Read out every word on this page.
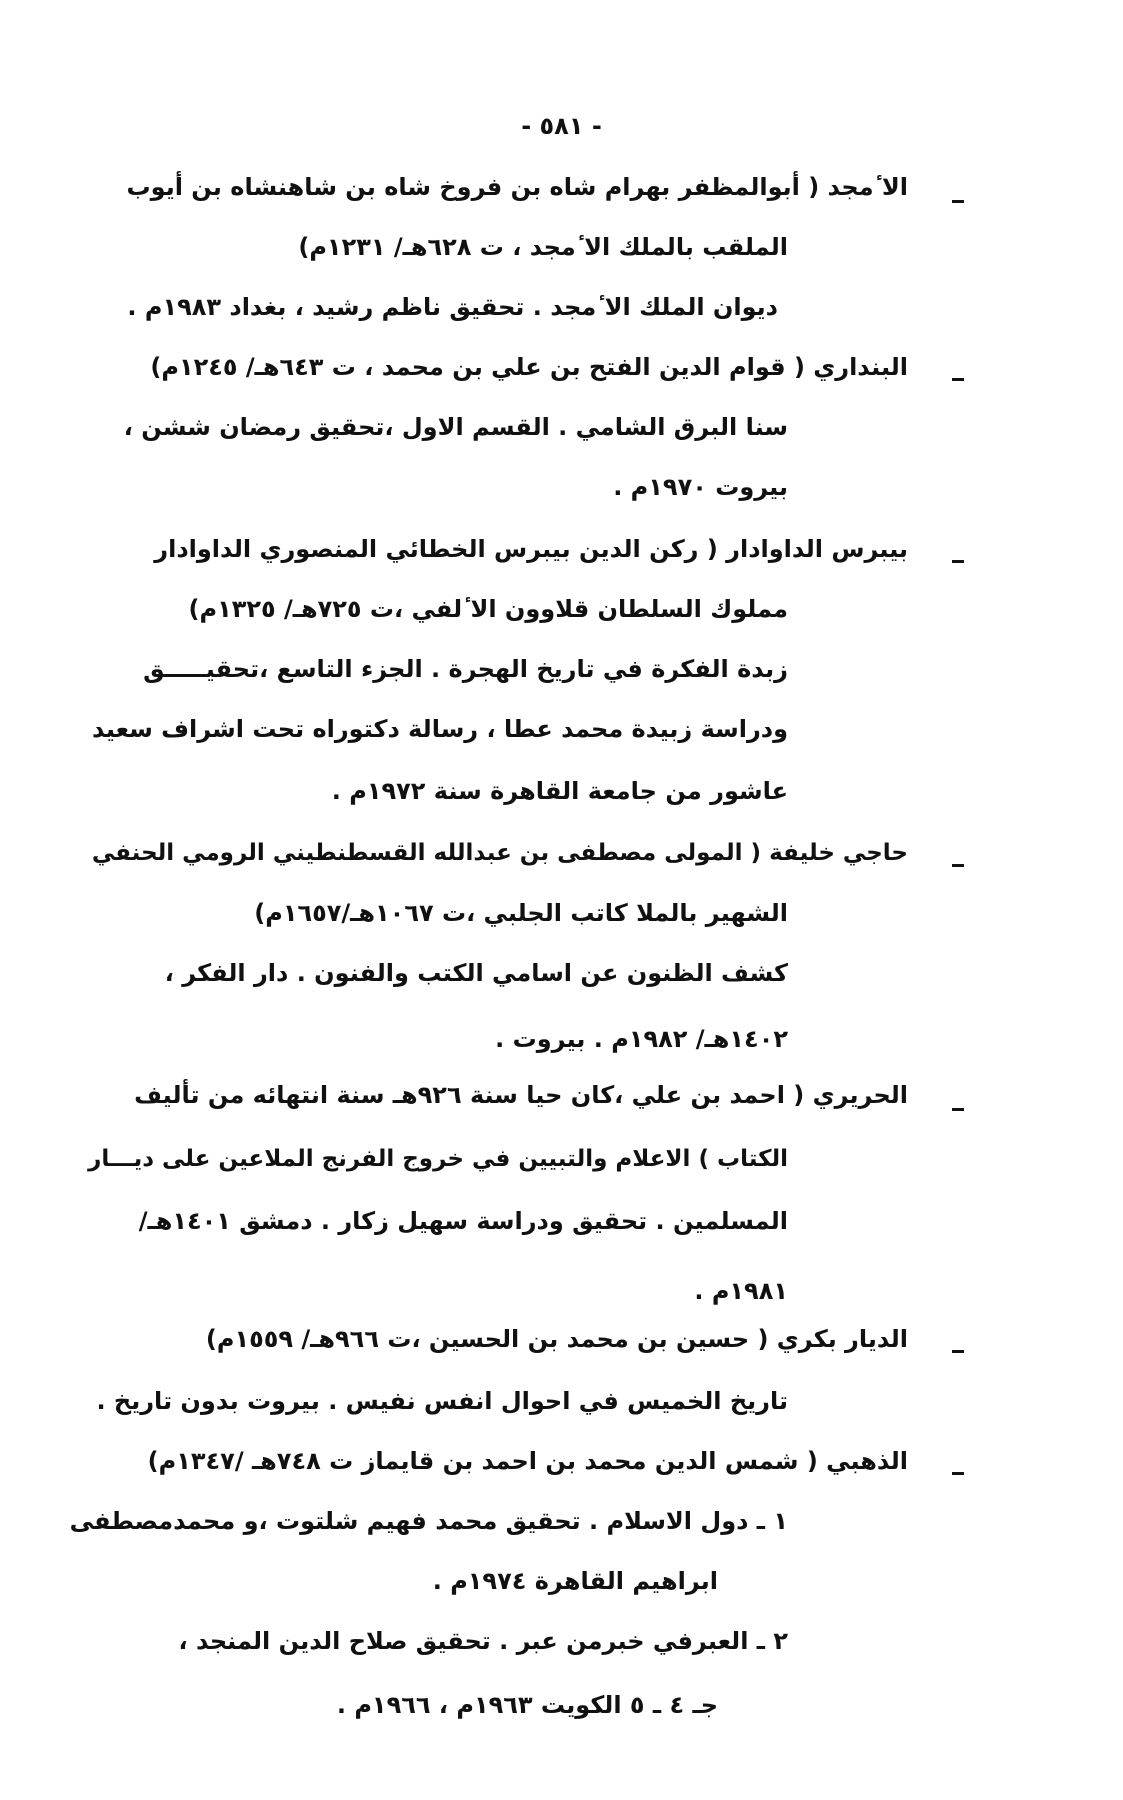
- ٥٨١ -
الا ٔمجد ( أبوالمظفر بهرام شاه بن فروخ شاه بن شاهنشاه بن أيوب
الملقب بالملك الا ٔمجد ، ت ٦٢٨هـ/ ١٢٣١م)
ديوان الملك الا ٔمجد . تحقيق ناظم رشيد ، بغداد ١٩٨٣م .
البنداري ( قوام الدين الفتح بن علي بن محمد ، ت ٦٤٣هـ/ ١٢٤٥م)
سنا البرق الشامي . القسم الاول ،تحقيق رمضان ششن ،
بيروت ١٩٧٠م .
بيبرس الداوادار ( ركن الدين بيبرس الخطائي المنصوري الداوادار
مملوك السلطان قلاوون الا ٔلفي ،ت ٧٢٥هـ/ ١٣٢٥م)
زبدة الفكرة في تاريخ الهجرة . الجزء التاسع ،تحقيـــــق
ودراسة زبيدة محمد عطا ، رسالة دكتوراه تحت اشراف سعيد
عاشور من جامعة القاهرة سنة ١٩٧٢م .
حاجي خليفة ( المولى مصطفى بن عبدالله القسطنطيني الرومي الحنفي
الشهير بالملا كاتب الجلبي ،ت ١٠٦٧هـ/١٦٥٧م)
كشف الظنون عن اسامي الكتب والفنون . دار الفكر ،
١٤٠٢هـ/ ١٩٨٢م . بيروت .
الحريري ( احمد بن علي ،كان حيا سنة ٩٢٦هـ سنة انتهائه من تأليف
الكتاب ) الاعلام والتبيين في خروج الفرنج الملاعين على ديـــار
المسلمين . تحقيق ودراسة سهيل زكار . دمشق ١٤٠١هـ/
١٩٨١م .
الديار بكري ( حسين بن محمد بن الحسين ،ت ٩٦٦هـ/ ١٥٥٩م)
تاريخ الخميس في احوال انفس نفيس . بيروت بدون تاريخ .
الذهبي ( شمس الدين محمد بن احمد بن قايماز ت ٧٤٨هـ /١٣٤٧م)
١ ـ دول الاسلام . تحقيق محمد فهيم شلتوت ،و محمدمصطفى
ابراهيم القاهرة ١٩٧٤م .
٢ ـ العبرفي خبرمن عبر . تحقيق صلاح الدين المنجد ،
جـ ٤ ـ ٥ الكويت ١٩٦٣م ، ١٩٦٦م .
